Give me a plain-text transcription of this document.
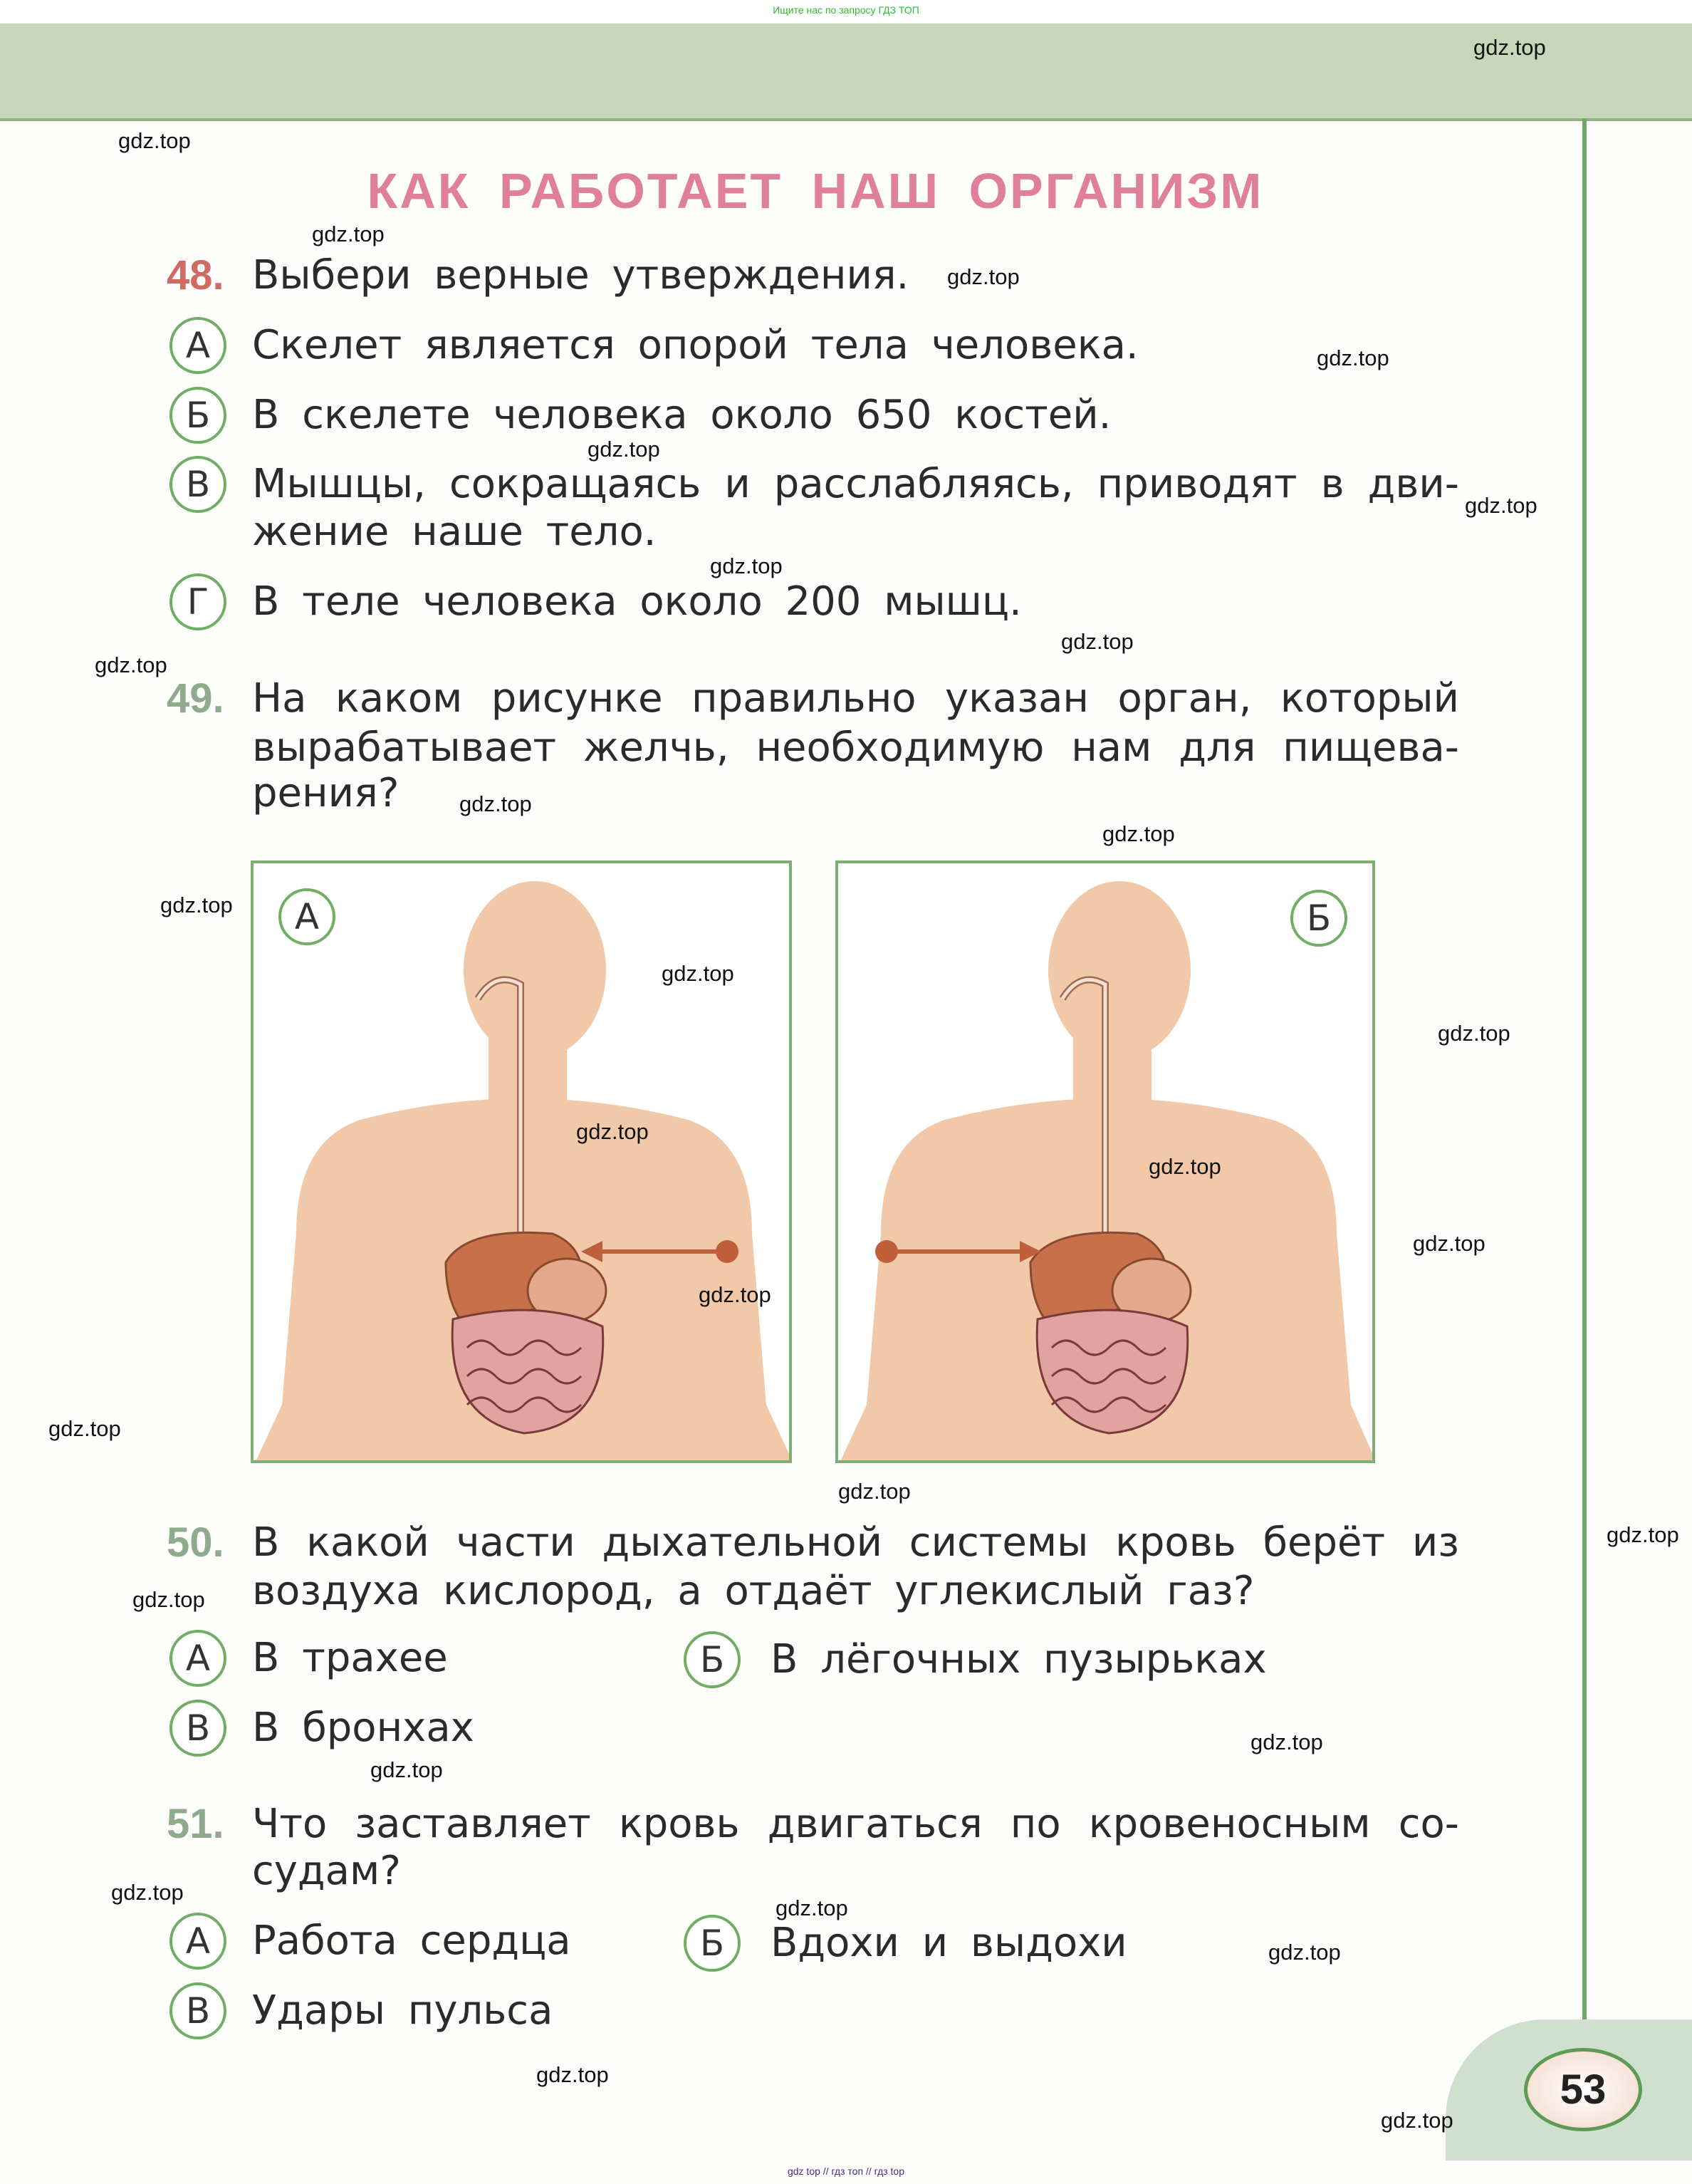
Ищите нас по запросу ГДЗ ТОП
53
КАК РАБОТАЕТ НАШ ОРГАНИЗМ
48. Выбери верные утверждения.
А	Скелет является опорой тела человека.
Б	В скелете человека около 650 костей.
В	Мышцы, сокращаясь и расслабляясь, приводят в дви-
жение наше тело.
Г	В теле человека около 200 мышц.
49. На каком рисунке правильно указан орган, который
вырабатывает желчь, необходимую нам для пищева-
рения?
А	Б
50. В какой части дыхательной системы кровь берёт из
воздуха кислород, а отдаёт углекислый газ?
А	В трахее	Б	В лёгочных пузырьках
В	В бронхах
51. Что заставляет кровь двигаться по кровеносным со-
судам?
А	Работа сердца	Б	Вдохи и выдохи
В	Удары пульса
gdz.top
gdz.top
gdz.top
gdz.top
gdz.top
gdz.top
gdz.top
gdz.top
gdz.top
gdz.top
gdz.top
gdz.top
gdz.top
gdz.top
gdz.top
gdz.top
gdz.top
gdz.top
gdz.top
gdz.top
gdz.top
gdz.top
gdz.top
gdz.top
gdz.top
gdz.top
gdz.top
gdz.top
gdz.top
gdz.top
gdz top // гдз топ // гдз top
